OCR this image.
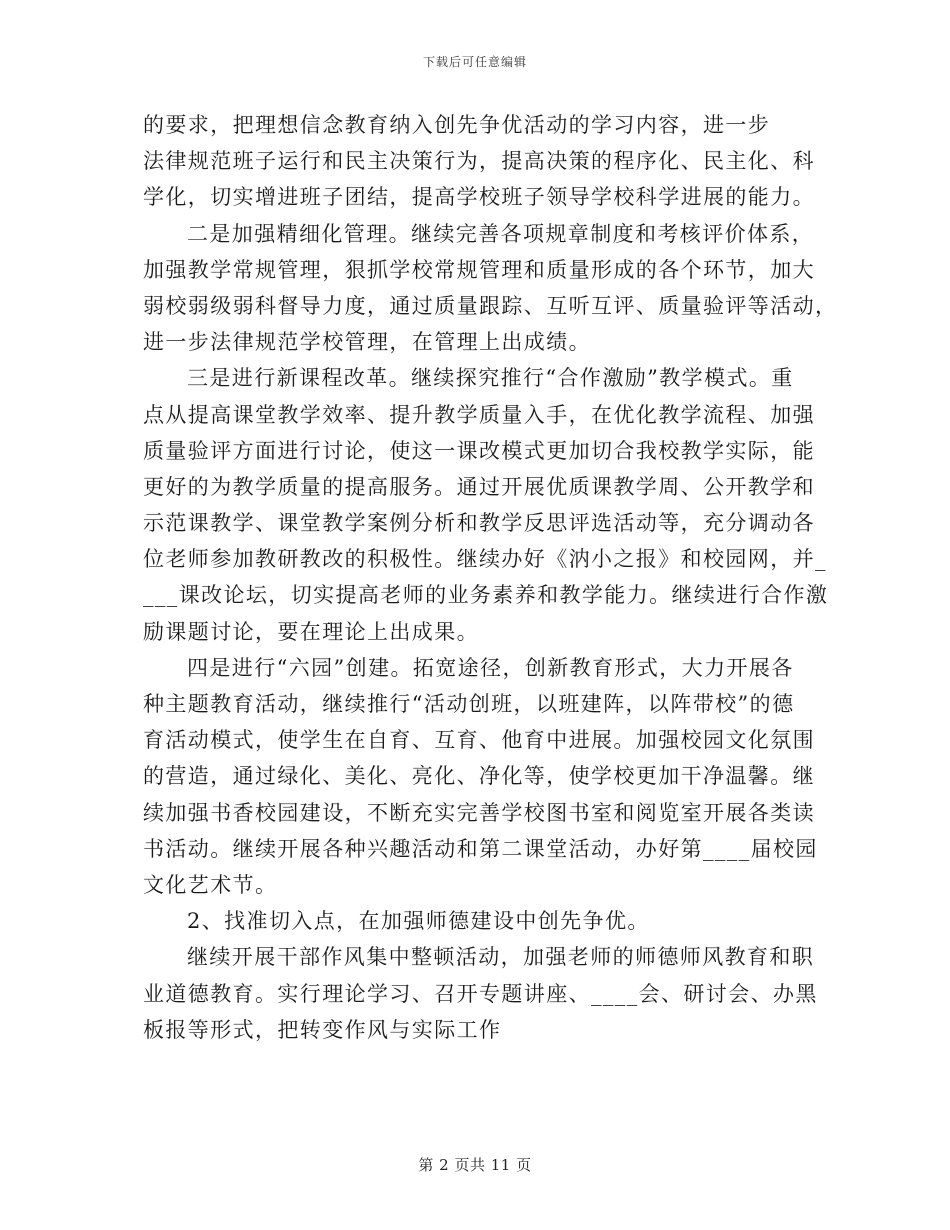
下载后可任意编辑
的要求，把理想信念教育纳入创先争优活动的学习内容，进一步
法律规范班子运行和民主决策行为，提高决策的程序化、民主化、科
学化，切实增进班子团结，提高学校班子领导学校科学进展的能力。
二是加强精细化管理。继续完善各项规章制度和考核评价体系，
加强教学常规管理，狠抓学校常规管理和质量形成的各个环节，加大
弱校弱级弱科督导力度，通过质量跟踪、互听互评、质量验评等活动，
进一步法律规范学校管理，在管理上出成绩。
三是进行新课程改革。继续探究推行“合作激励”教学模式。重
点从提高课堂教学效率、提升教学质量入手，在优化教学流程、加强
质量验评方面进行讨论，使这一课改模式更加切合我校教学实际，能
更好的为教学质量的提高服务。通过开展优质课教学周、公开教学和
示范课教学、课堂教学案例分析和教学反思评选活动等，充分调动各
位老师参加教研教改的积极性。继续办好《汭小之报》和校园网，并_
___课改论坛，切实提高老师的业务素养和教学能力。继续进行合作激
励课题讨论，要在理论上出成果。
四是进行“六园”创建。拓宽途径，创新教育形式，大力开展各
种主题教育活动，继续推行“活动创班，以班建阵，以阵带校”的德
育活动模式，使学生在自育、互育、他育中进展。加强校园文化氛围
的营造，通过绿化、美化、亮化、净化等，使学校更加干净温馨。继
续加强书香校园建设，不断充实完善学校图书室和阅览室开展各类读
书活动。继续开展各种兴趣活动和第二课堂活动，办好第____届校园
文化艺术节。
2、找准切入点，在加强师德建设中创先争优。
继续开展干部作风集中整顿活动，加强老师的师德师风教育和职
业道德教育。实行理论学习、召开专题讲座、____会、研讨会、办黑
板报等形式，把转变作风与实际工作
第 2 页共 11 页
